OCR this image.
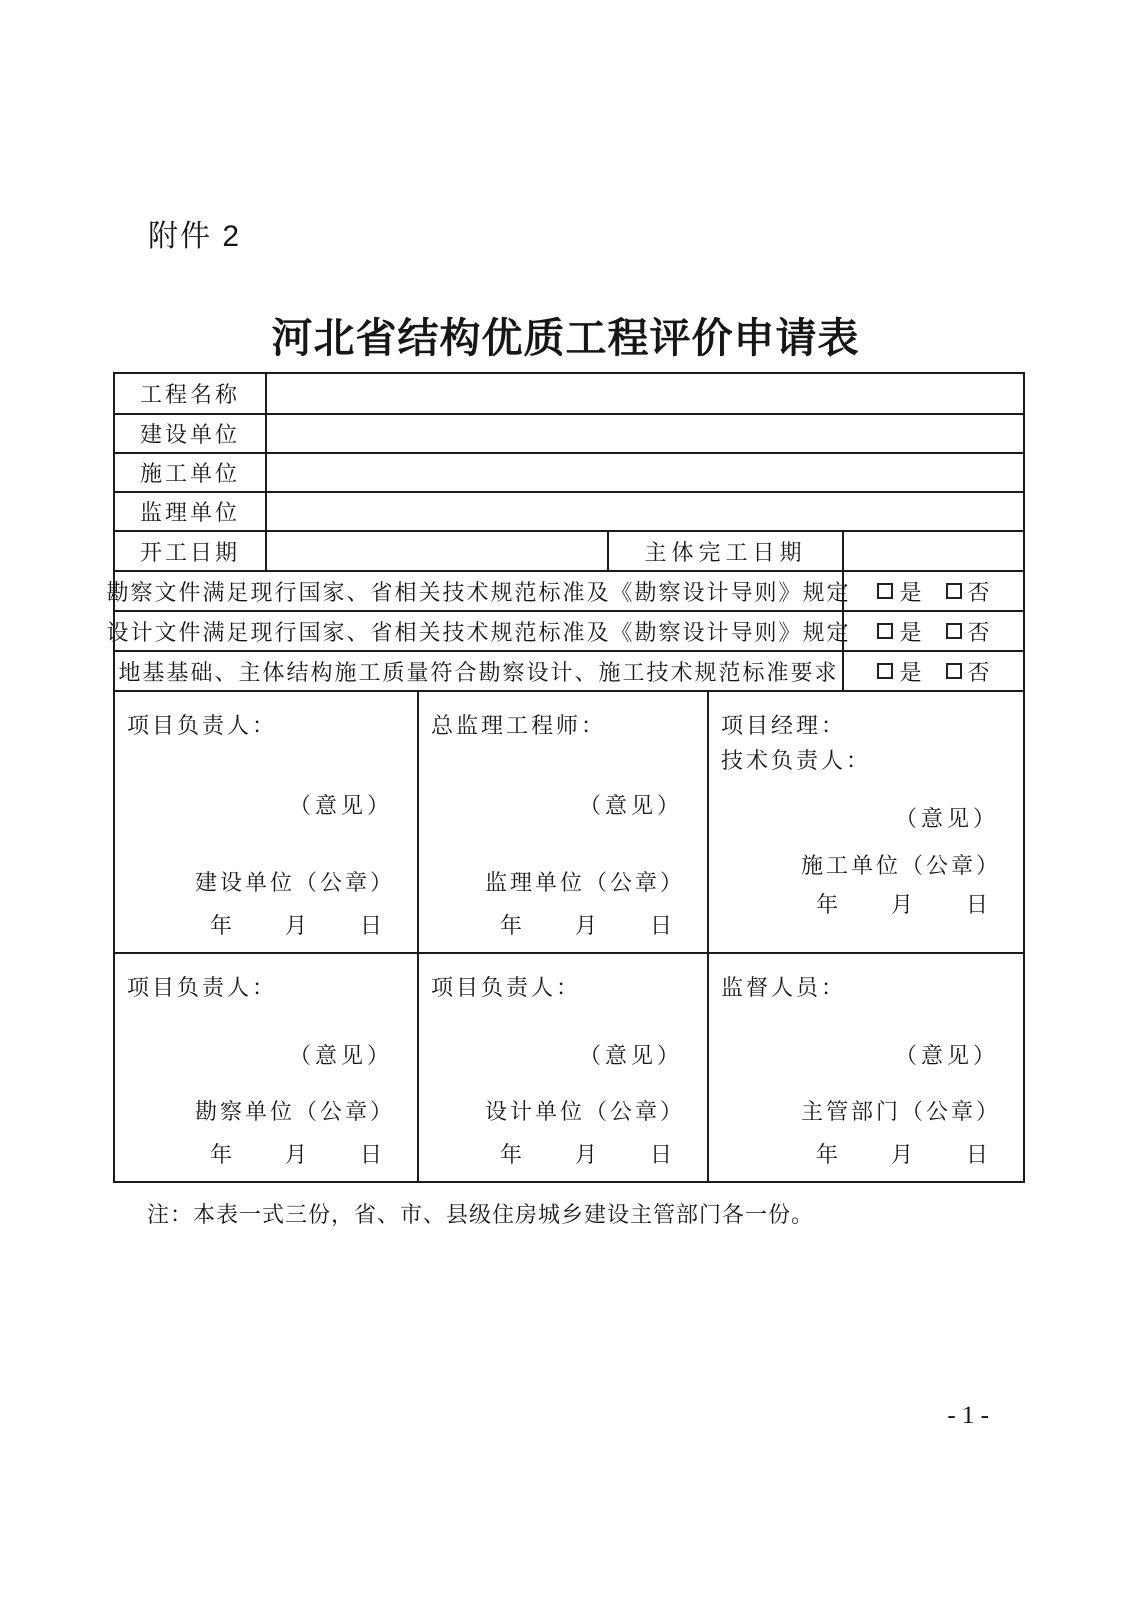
附件 2
河北省结构优质工程评价申请表
工程名称
建设单位
施工单位
监理单位
开工日期	主体完工日期
勘察文件满足现行国家、省相关技术规范标准及《勘察设计导则》规定 是 否
设计文件满足现行国家、省相关技术规范标准及《勘察设计导则》规定 是 否
地基基础、主体结构施工质量符合勘察设计、施工技术规范标准要求	是 否
项目负责人：
（意见）
建设单位（公章）
年　　月　　日
总监理工程师：
（意见）
监理单位（公章）
年　　月　　日
项目经理：
技术负责人：
（意见）
施工单位（公章）
年　　月　　日
项目负责人：
（意见）
勘察单位（公章）
年　　月　　日
项目负责人：
（意见）
设计单位（公章）
年　　月　　日
监督人员：
（意见）
主管部门（公章）
年　　月　　日
注：本表一式三份，省、市、县级住房城乡建设主管部门各一份。
- 1 -
